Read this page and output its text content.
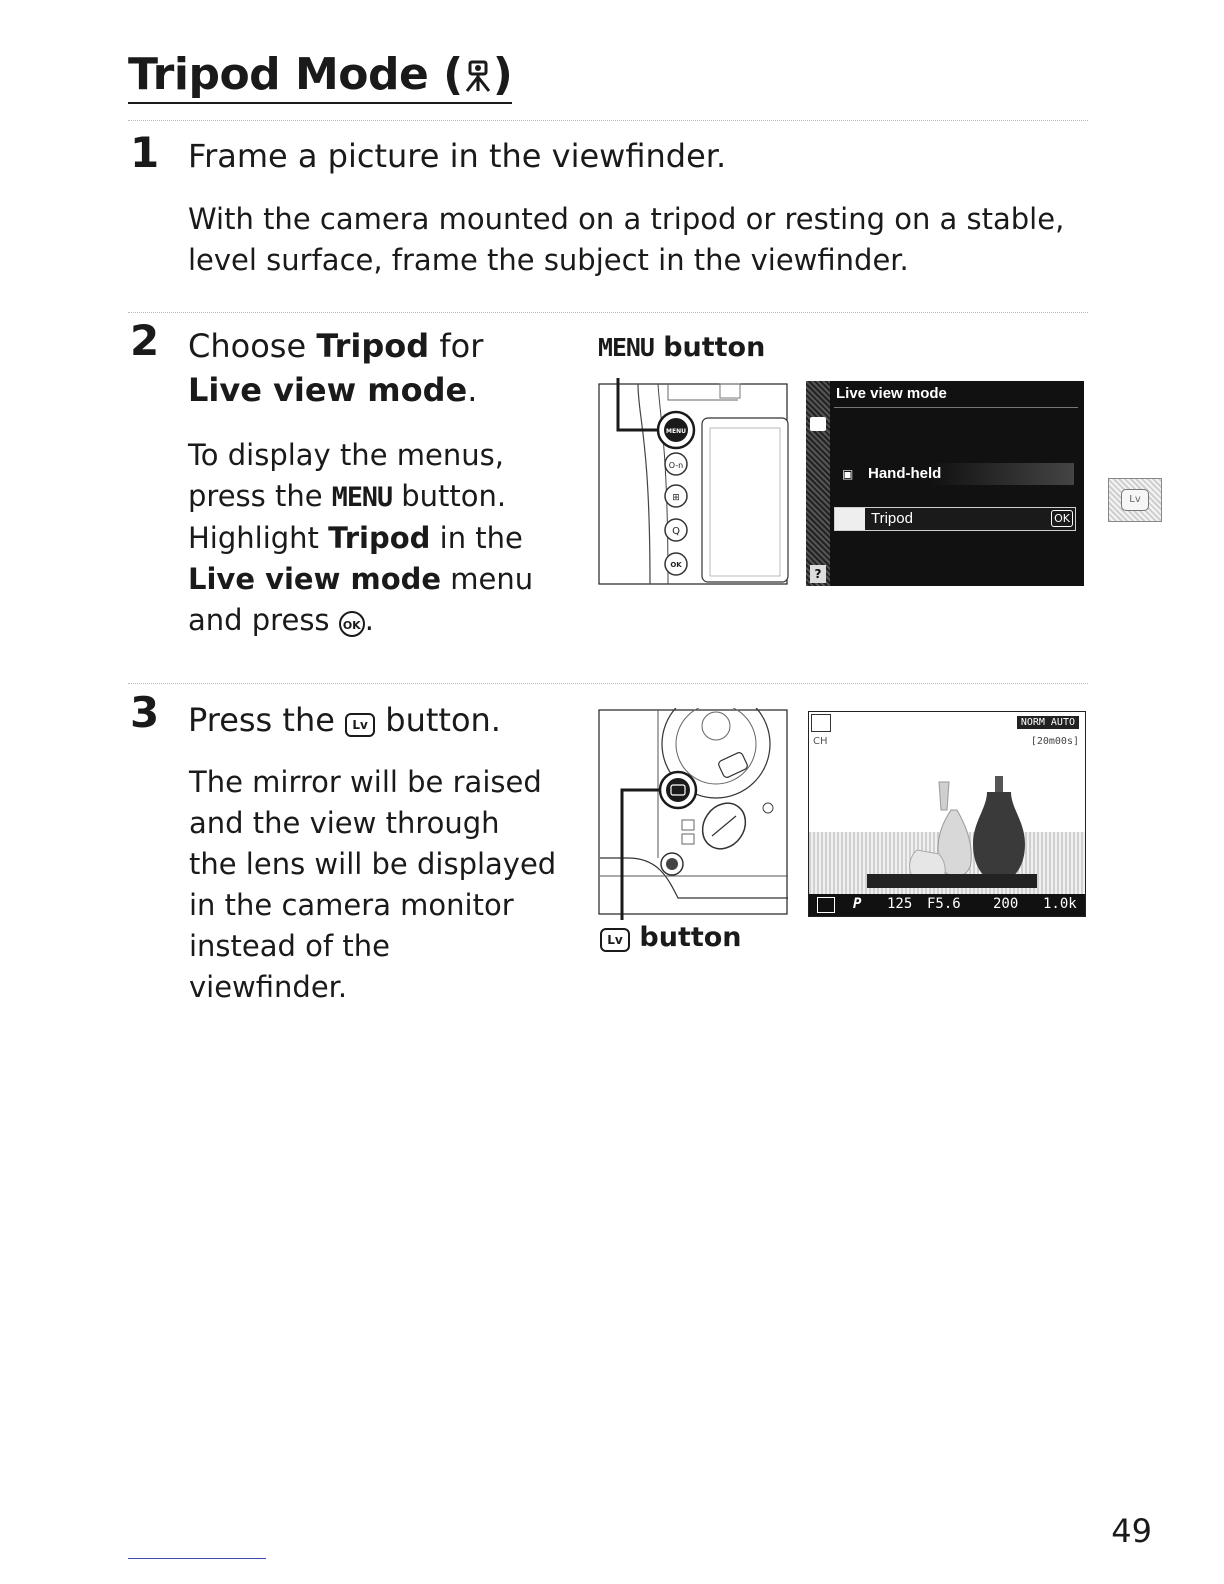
Tripod Mode ( )
1 Frame a picture in the viewfinder.
With the camera mounted on a tripod or resting on a stable,
level surface, frame the subject in the viewfinder.
2 Choose Tripod for
Live view mode.
To display the menus,
press the MENU button.
Highlight Tripod in the
Live view mode menu
and press OK .
MENU button
MENU
O-n
⊞
Q
OK
?
Live view mode
▣ Hand-held
Tripod	OK
Lv
3 Press the Lv button.
The mirror will be raised
and the view through
the lens will be displayed
in the camera monitor
instead of the
viewfinder.
Lv button
CH
NORM AUTO
[20m00s]
P 125 F5.6 200 1.0k
49
